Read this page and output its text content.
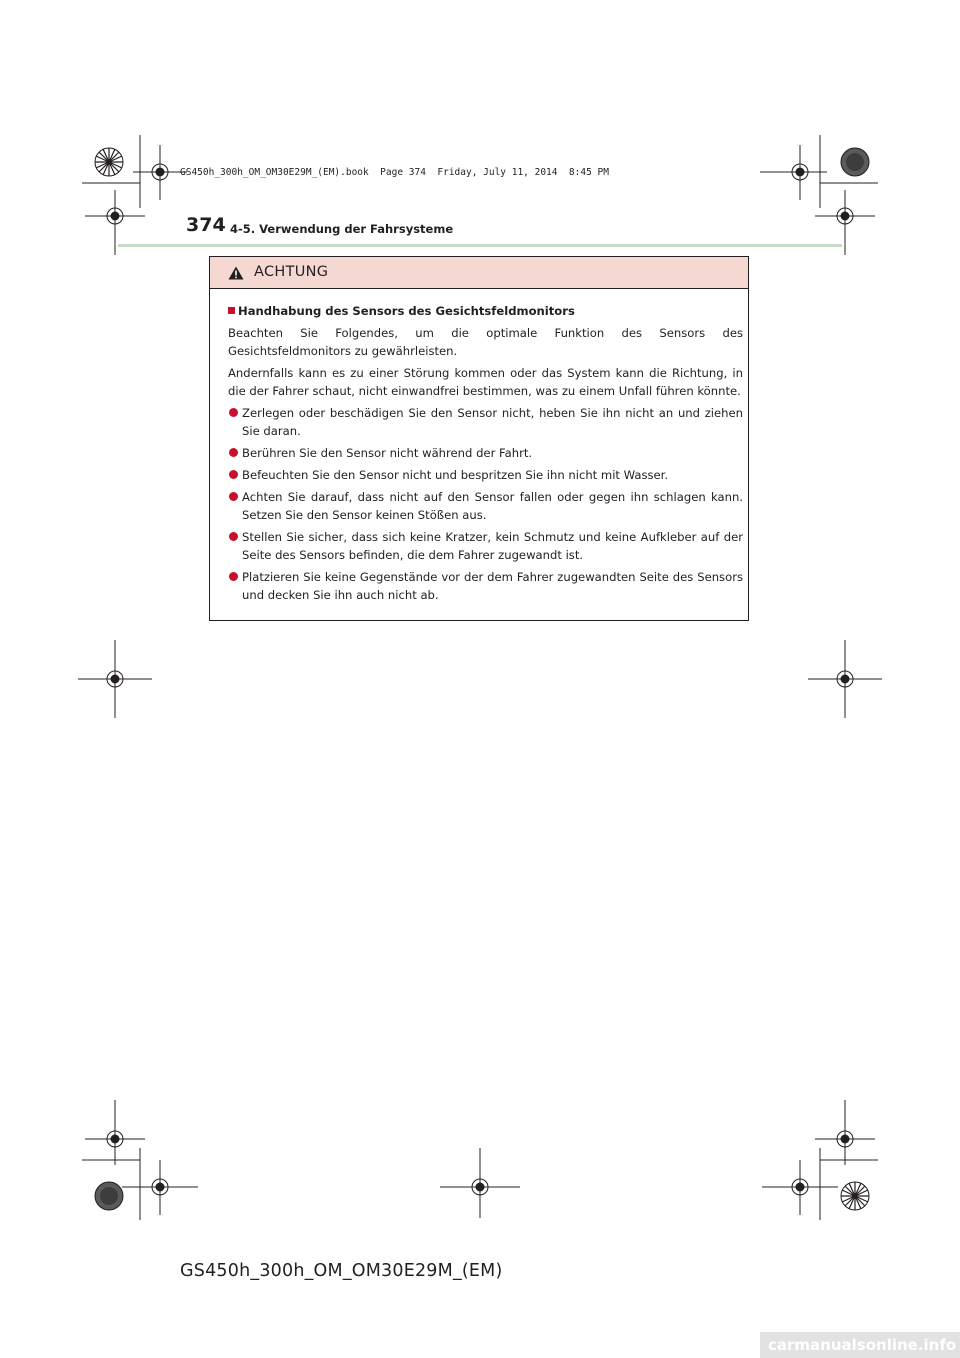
GS450h_300h_OM_OM30E29M_(EM).book  Page 374  Friday, July 11, 2014  8:45 PM
374 4-5. Verwendung der Fahrsysteme
ACHTUNG
Handhabung des Sensors des Gesichtsfeldmonitors
Beachten Sie Folgendes, um die optimale Funktion des Sensors des Gesichtsfeldmonitors zu gewährleisten.
Andernfalls kann es zu einer Störung kommen oder das System kann die Richtung, in die der Fahrer schaut, nicht einwandfrei bestimmen, was zu einem Unfall führen könnte.
Zerlegen oder beschädigen Sie den Sensor nicht, heben Sie ihn nicht an und ziehen Sie daran.
Berühren Sie den Sensor nicht während der Fahrt.
Befeuchten Sie den Sensor nicht und bespritzen Sie ihn nicht mit Wasser.
Achten Sie darauf, dass nicht auf den Sensor fallen oder gegen ihn schlagen kann. Setzen Sie den Sensor keinen Stößen aus.
Stellen Sie sicher, dass sich keine Kratzer, kein Schmutz und keine Aufkleber auf der Seite des Sensors befinden, die dem Fahrer zugewandt ist.
Platzieren Sie keine Gegenstände vor der dem Fahrer zugewandten Seite des Sensors und decken Sie ihn auch nicht ab.
GS450h_300h_OM_OM30E29M_(EM)
carmanualsonline.info
